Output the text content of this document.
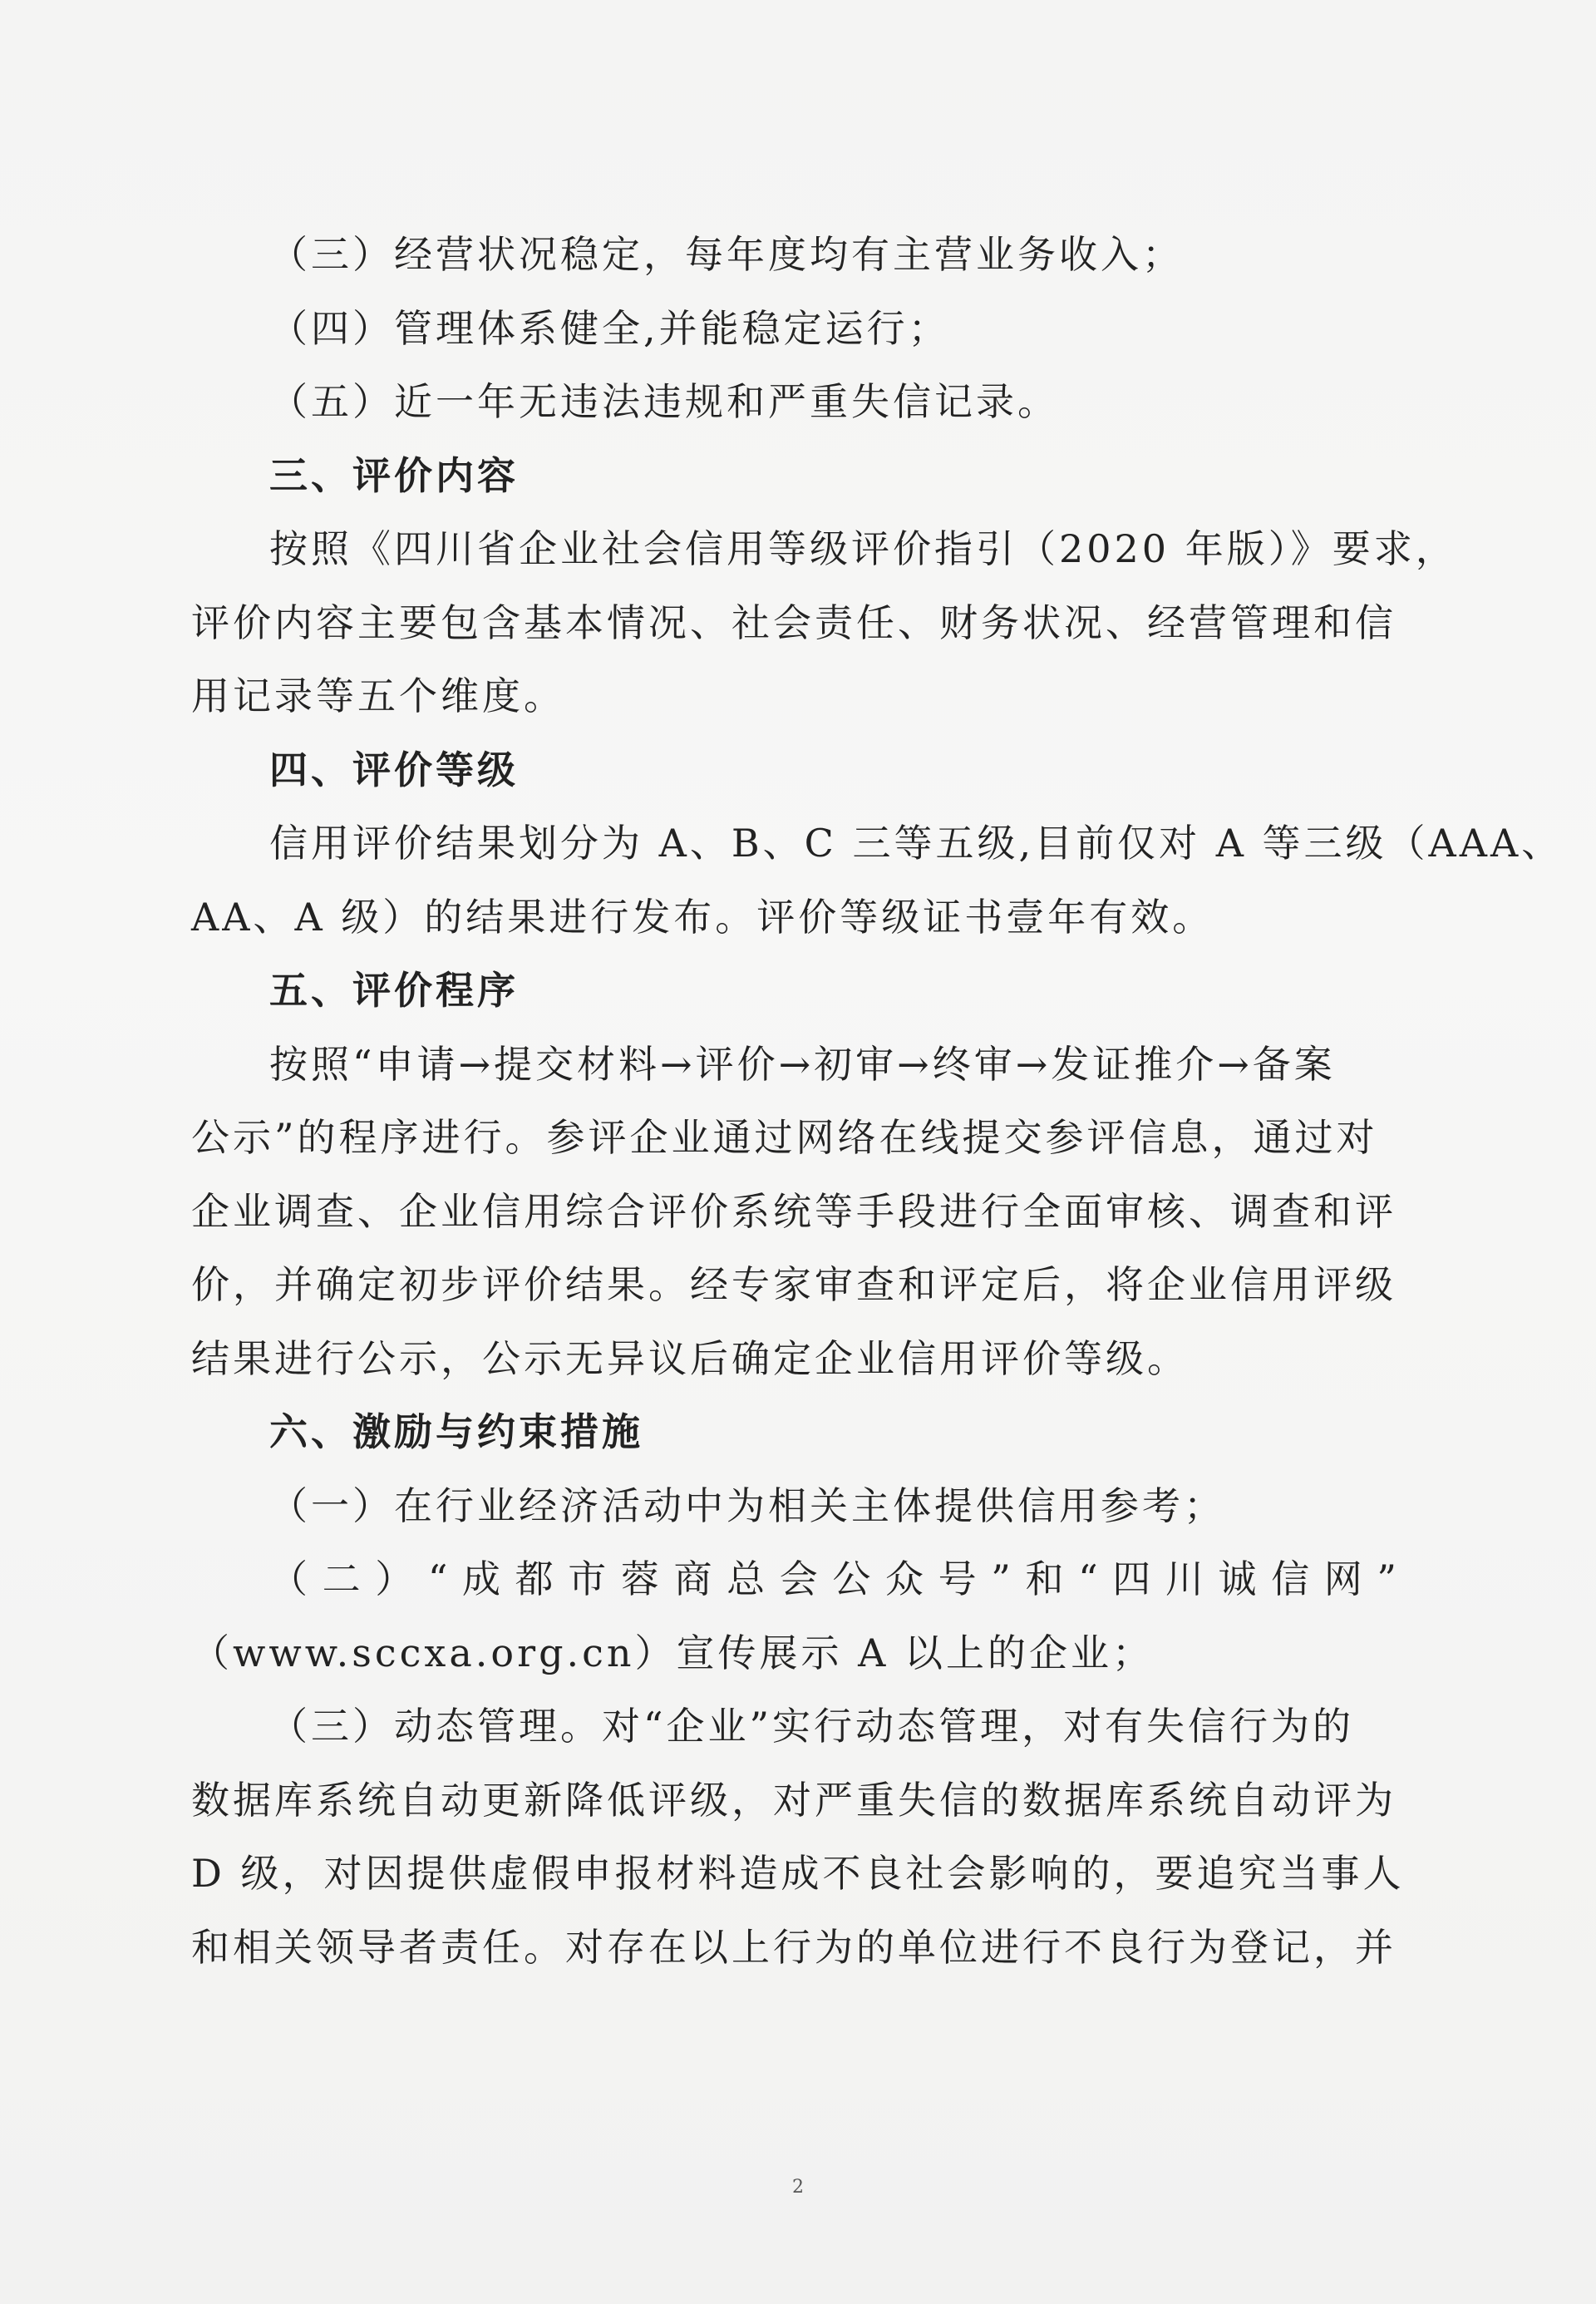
（三）经营状况稳定，每年度均有主营业务收入；
（四）管理体系健全,并能稳定运行；
（五）近一年无违法违规和严重失信记录。
三、评价内容
按照《四川省企业社会信用等级评价指引（2020 年版）》要求，
评价内容主要包含基本情况、社会责任、财务状况、经营管理和信
用记录等五个维度。
四、评价等级
信用评价结果划分为 A、B、C 三等五级,目前仅对 A 等三级（AAA、
AA、A 级）的结果进行发布。评价等级证书壹年有效。
五、评价程序
按照“申请→提交材料→评价→初审→终审→发证推介→备案
公示”的程序进行。参评企业通过网络在线提交参评信息，通过对
企业调查、企业信用综合评价系统等手段进行全面审核、调查和评
价，并确定初步评价结果。经专家审查和评定后，将企业信用评级
结果进行公示，公示无异议后确定企业信用评价等级。
六、激励与约束措施
（一）在行业经济活动中为相关主体提供信用参考；
（ 二 ） “ 成 都 市 蓉 商 总 会 公 众 号 ” 和 “ 四 川 诚 信 网 ”
（www.sccxa.org.cn）宣传展示 A 以上的企业；
（三）动态管理。对“企业”实行动态管理，对有失信行为的
数据库系统自动更新降低评级，对严重失信的数据库系统自动评为
D 级，对因提供虚假申报材料造成不良社会影响的，要追究当事人
和相关领导者责任。对存在以上行为的单位进行不良行为登记，并
2
